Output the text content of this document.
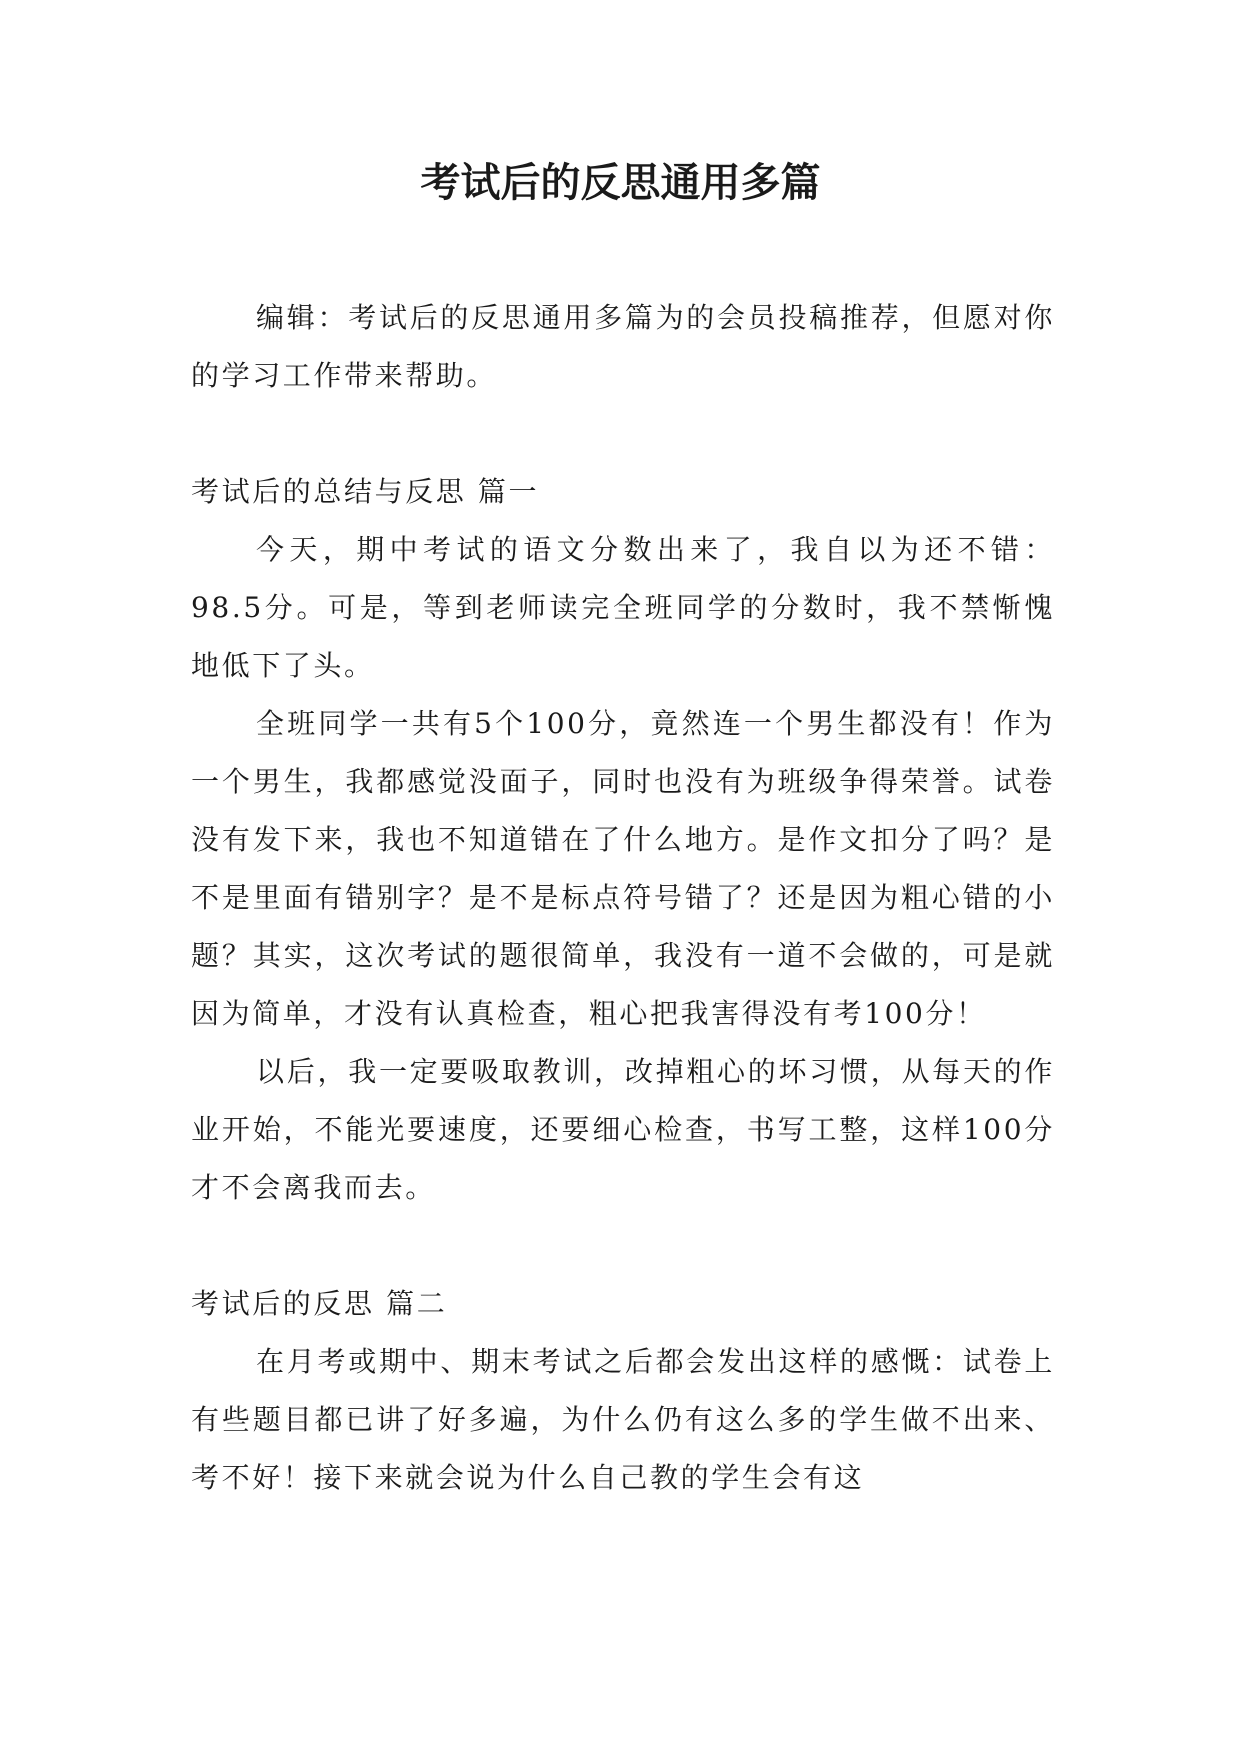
考试后的反思通用多篇

编辑：考试后的反思通用多篇为的会员投稿推荐，但愿对你的学习工作带来帮助。

考试后的总结与反思 篇一

今天，期中考试的语文分数出来了，我自以为还不错：98.5分。可是，等到老师读完全班同学的分数时，我不禁惭愧地低下了头。

全班同学一共有5个100分，竟然连一个男生都没有！作为一个男生，我都感觉没面子，同时也没有为班级争得荣誉。试卷没有发下来，我也不知道错在了什么地方。是作文扣分了吗？是不是里面有错别字？是不是标点符号错了？还是因为粗心错的小题？其实，这次考试的题很简单，我没有一道不会做的，可是就因为简单，才没有认真检查，粗心把我害得没有考100分！

以后，我一定要吸取教训，改掉粗心的坏习惯，从每天的作业开始，不能光要速度，还要细心检查，书写工整，这样100分才不会离我而去。

考试后的反思 篇二

在月考或期中、期末考试之后都会发出这样的感慨：试卷上有些题目都已讲了好多遍，为什么仍有这么多的学生做不出来、考不好！接下来就会说为什么自己教的学生会有这
